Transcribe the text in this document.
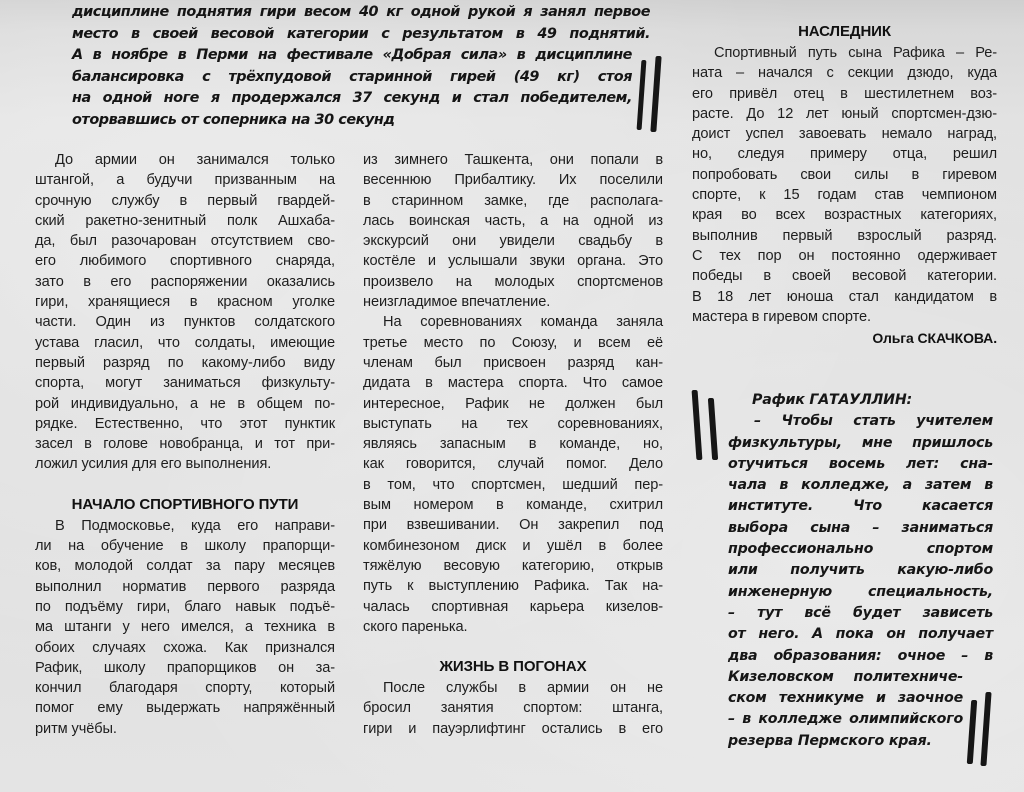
дисциплине поднятия гири весом 40 кг одной рукой я занял первое
место в своей весовой категории с результатом в 49 поднятий.
А в ноябре в Перми на фестивале «Добрая сила» в дисциплине
балансировка с трёхпудовой старинной гирей (49 кг) стоя
на одной ноге я продержался 37 секунд и стал победителем,
оторвавшись от соперника на 30 секунд
До армии он занимался только
штангой, а будучи призванным на
срочную службу в первый гвардей-
ский ракетно-зенитный полк Ашхаба-
да, был разочарован отсутствием сво-
его любимого спортивного снаряда,
зато в его распоряжении оказались
гири, хранящиеся в красном уголке
части. Один из пунктов солдатского
устава гласил, что солдаты, имеющие
первый разряд по какому-либо виду
спорта, могут заниматься физкульту-
рой индивидуально, а не в общем по-
рядке. Естественно, что этот пунктик
засел в голове новобранца, и тот при-
ложил усилия для его выполнения.
НАЧАЛО СПОРТИВНОГО ПУТИ
В Подмосковье, куда его направи-
ли на обучение в школу прапорщи-
ков, молодой солдат за пару месяцев
выполнил норматив первого разряда
по подъёму гири, благо навык подъё-
ма штанги у него имелся, а техника в
обоих случаях схожа. Как признался
Рафик, школу прапорщиков он за-
кончил благодаря спорту, который
помог ему выдержать напряжённый
ритм учёбы.
из зимнего Ташкента, они попали в
весеннюю Прибалтику. Их поселили
в старинном замке, где располага-
лась воинская часть, а на одной из
экскурсий они увидели свадьбу в
костёле и услышали звуки органа. Это
произвело на молодых спортсменов
неизгладимое впечатление.
На соревнованиях команда заняла
третье место по Союзу, и всем её
членам был присвоен разряд кан-
дидата в мастера спорта. Что самое
интересное, Рафик не должен был
выступать на тех соревнованиях,
являясь запасным в команде, но,
как говорится, случай помог. Дело
в том, что спортсмен, шедший пер-
вым номером в команде, схитрил
при взвешивании. Он закрепил под
комбинезоном диск и ушёл в более
тяжёлую весовую категорию, открыв
путь к выступлению Рафика. Так на-
чалась спортивная карьера кизелов-
ского паренька.
ЖИЗНЬ В ПОГОНАХ
После службы в армии он не
бросил занятия спортом: штанга,
гири и пауэрлифтинг остались в его
НАСЛЕДНИК
Спортивный путь сына Рафика – Ре-
ната – начался с секции дзюдо, куда
его привёл отец в шестилетнем воз-
расте. До 12 лет юный спортсмен-дзю-
доист успел завоевать немало наград,
но, следуя примеру отца, решил
попробовать свои силы в гиревом
спорте, к 15 годам став чемпионом
края во всех возрастных категориях,
выполнив первый взрослый разряд.
С тех пор он постоянно одерживает
победы в своей весовой категории.
В 18 лет юноша стал кандидатом в
мастера в гиревом спорте.
Ольга СКАЧКОВА.
Рафик ГАТАУЛЛИН:
– Чтобы стать учителем
физкультуры, мне пришлось
отучиться восемь лет: сна-
чала в колледже, а затем в
институте. Что касается
выбора сына – заниматься
профессионально спортом
или получить какую-либо
инженерную специальность,
– тут всё будет зависеть
от него. А пока он получает
два образования: очное – в
Кизеловском политехниче-
ском техникуме и заочное
– в колледже олимпийского
резерва Пермского края.
